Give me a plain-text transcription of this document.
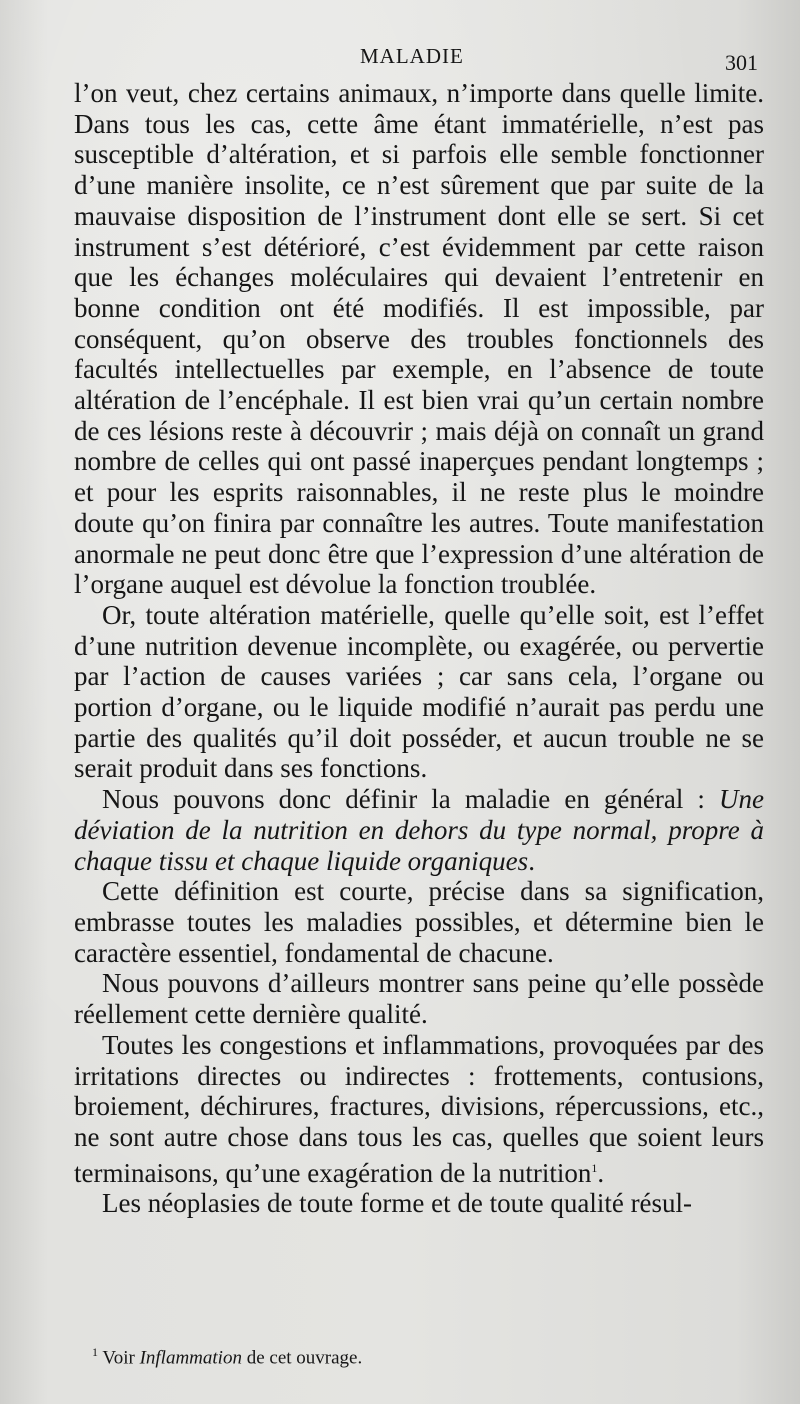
MALADIE	301

l’on veut, chez certains animaux, n’importe dans quelle limite. Dans tous les cas, cette âme étant immatérielle, n’est pas susceptible d’altération, et si parfois elle semble fonctionner d’une manière insolite, ce n’est sûrement que par suite de la mauvaise disposition de l’instrument dont elle se sert. Si cet instrument s’est détérioré, c’est évidemment par cette raison que les échanges moléculaires qui devaient l’entretenir en bonne condition ont été modifiés. Il est impossible, par conséquent, qu’on observe des troubles fonctionnels des facultés intellectuelles par exemple, en l’absence de toute altération de l’encéphale. Il est bien vrai qu’un certain nombre de ces lésions reste à découvrir ; mais déjà on connaît un grand nombre de celles qui ont passé inaperçues pendant longtemps ; et pour les esprits raisonnables, il ne reste plus le moindre doute qu’on finira par connaître les autres. Toute manifestation anormale ne peut donc être que l’expression d’une altération de l’organe auquel est dévolue la fonction troublée.

Or, toute altération matérielle, quelle qu’elle soit, est l’effet d’une nutrition devenue incomplète, ou exagérée, ou pervertie par l’action de causes variées ; car sans cela, l’organe ou portion d’organe, ou le liquide modifié n’aurait pas perdu une partie des qualités qu’il doit posséder, et aucun trouble ne se serait produit dans ses fonctions.

Nous pouvons donc définir la maladie en général : Une déviation de la nutrition en dehors du type normal, propre à chaque tissu et chaque liquide organiques.

Cette définition est courte, précise dans sa signification, embrasse toutes les maladies possibles, et détermine bien le caractère essentiel, fondamental de chacune.

Nous pouvons d’ailleurs montrer sans peine qu’elle possède réellement cette dernière qualité.

Toutes les congestions et inflammations, provoquées par des irritations directes ou indirectes : frottements, contusions, broiement, déchirures, fractures, divisions, répercussions, etc., ne sont autre chose dans tous les cas, quelles que soient leurs terminaisons, qu’une exagération de la nutrition$^1$.

Les néoplasies de toute forme et de toute qualité résul-

$^1$ Voir Inflammation de cet ouvrage.
